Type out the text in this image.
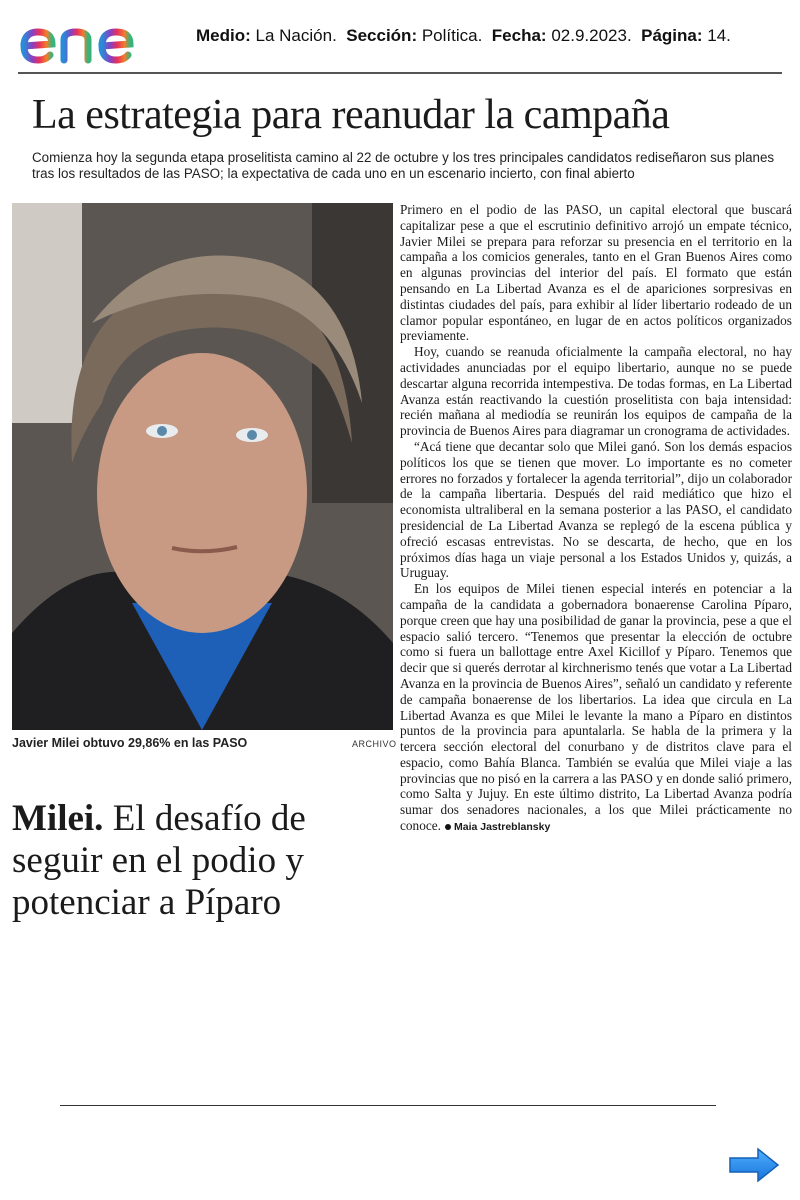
Medio: La Nación. Sección: Política. Fecha: 02.9.2023. Página: 14.
La estrategia para reanudar la campaña
Comienza hoy la segunda etapa proselitista camino al 22 de octubre y los tres principales candidatos rediseñaron sus planes tras los resultados de las PASO; la expectativa de cada uno en un escenario incierto, con final abierto
Javier Milei obtuvo 29,86% en las PASO	ARCHIVO
Milei. El desafío de seguir en el podio y potenciar a Píparo

Primero en el podio de las PASO, un capital electoral que buscará capitalizar pese a que el escrutinio definitivo arrojó un empate técnico, Javier Milei se prepara para reforzar su presencia en el territorio en la campaña a los comicios generales, tanto en el Gran Buenos Aires como en algunas provincias del interior del país. El formato que están pensando en La Libertad Avanza es el de apariciones sorpresivas en distintas ciudades del país, para exhibir al líder libertario rodeado de un clamor popular espontáneo, en lugar de en actos políticos organizados previamente.

Hoy, cuando se reanuda oficialmente la campaña electoral, no hay actividades anunciadas por el equipo libertario, aunque no se puede descartar alguna recorrida intempestiva. De todas formas, en La Libertad Avanza están reactivando la cuestión proselitista con baja intensidad: recién mañana al mediodía se reunirán los equipos de campaña de la provincia de Buenos Aires para diagramar un cronograma de actividades.

“Acá tiene que decantar solo que Milei ganó. Son los demás espacios políticos los que se tienen que mover. Lo importante es no cometer errores no forzados y fortalecer la agenda territorial”, dijo un colaborador de la campaña libertaria. Después del raid mediático que hizo el economista ultraliberal en la semana posterior a las PASO, el candidato presidencial de La Libertad Avanza se replegó de la escena pública y ofreció escasas entrevistas. No se descarta, de hecho, que en los próximos días haga un viaje personal a los Estados Unidos y, quizás, a Uruguay.

En los equipos de Milei tienen especial interés en potenciar a la campaña de la candidata a gobernadora bonaerense Carolina Píparo, porque creen que hay una posibilidad de ganar la provincia, pese a que el espacio salió tercero. “Tenemos que presentar la elección de octubre como si fuera un ballottage entre Axel Kicillof y Píparo. Tenemos que decir que si querés derrotar al kirchnerismo tenés que votar a La Libertad Avanza en la provincia de Buenos Aires”, señaló un candidato y referente de campaña bonaerense de los libertarios. La idea que circula en La Libertad Avanza es que Milei le levante la mano a Píparo en distintos puntos de la provincia para apuntalarla. Se habla de la primera y la tercera sección electoral del conurbano y de distritos clave para el espacio, como Bahía Blanca. También se evalúa que Milei viaje a las provincias que no pisó en la carrera a las PASO y en donde salió primero, como Salta y Jujuy. En este último distrito, La Libertad Avanza podría sumar dos senadores nacionales, a los que Milei prácticamente no conoce. Maia Jastreblansky
